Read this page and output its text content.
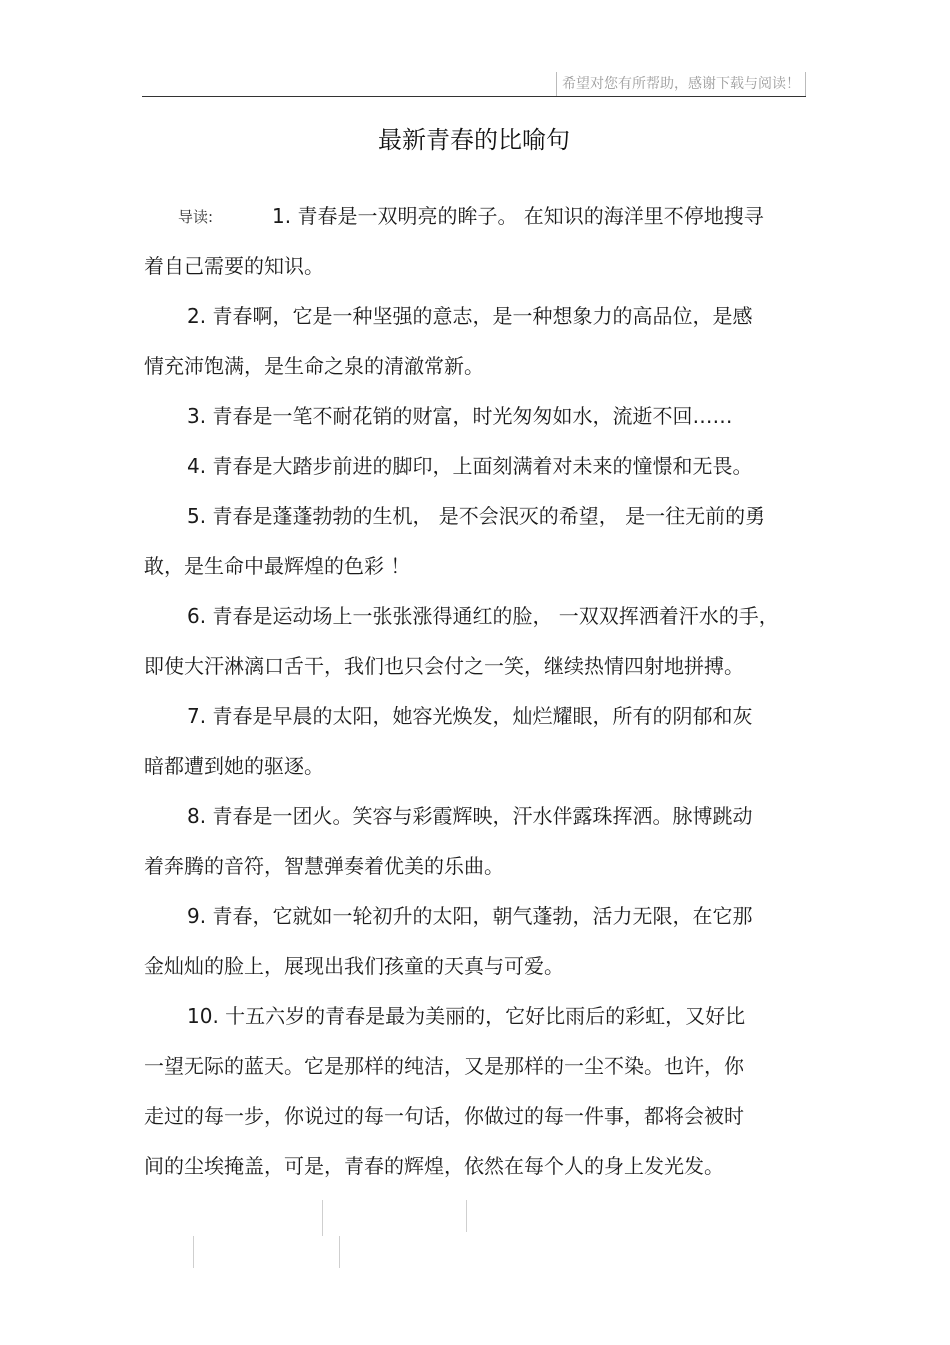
希望对您有所帮助，感谢下载与阅读！
最新青春的比喻句
导读:	1. 青春是一双明亮的眸子。 在知识的海洋里不停地搜寻
着自己需要的知识。
2. 青春啊，它是一种坚强的意志，是一种想象力的高品位，是感
情充沛饱满，是生命之泉的清澈常新。
3. 青春是一笔不耐花销的财富，时光匆匆如水，流逝不回……
4. 青春是大踏步前进的脚印，上面刻满着对未来的憧憬和无畏。
5. 青春是蓬蓬勃勃的生机， 是不会泯灭的希望， 是一往无前的勇
敢，是生命中最辉煌的色彩 ！
6. 青春是运动场上一张张涨得通红的脸， 一双双挥洒着汗水的手，
即使大汗淋漓口舌干，我们也只会付之一笑，继续热情四射地拼搏。
7. 青春是早晨的太阳，她容光焕发，灿烂耀眼，所有的阴郁和灰
暗都遭到她的驱逐。
8. 青春是一团火。笑容与彩霞辉映，汗水伴露珠挥洒。脉博跳动
着奔腾的音符，智慧弹奏着优美的乐曲。
9. 青春，它就如一轮初升的太阳，朝气蓬勃，活力无限，在它那
金灿灿的脸上，展现出我们孩童的天真与可爱。
10. 十五六岁的青春是最为美丽的，它好比雨后的彩虹，又好比
一望无际的蓝天。它是那样的纯洁，又是那样的一尘不染。也许，你
走过的每一步，你说过的每一句话，你做过的每一件事，都将会被时
间的尘埃掩盖，可是，青春的辉煌，依然在每个人的身上发光发。
